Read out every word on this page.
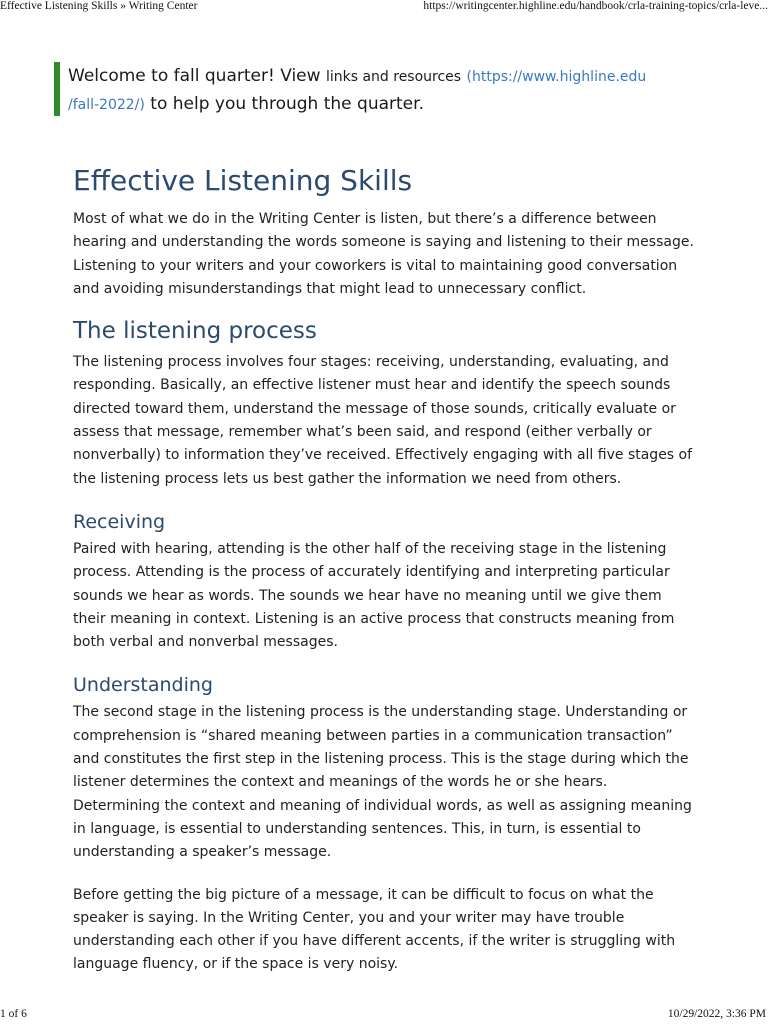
Effective Listening Skills » Writing Center	https://writingcenter.highline.edu/handbook/crla-training-topics/crla-leve...
Welcome to fall quarter! View links and resources (https://www.highline.edu
/fall-2022/) to help you through the quarter.
Effective Listening Skills

Most of what we do in the Writing Center is listen, but there’s a difference between hearing and understanding the words someone is saying and listening to their message. Listening to your writers and your coworkers is vital to maintaining good conversation and avoiding misunderstandings that might lead to unnecessary conflict.

The listening process

The listening process involves four stages: receiving, understanding, evaluating, and responding. Basically, an effective listener must hear and identify the speech sounds directed toward them, understand the message of those sounds, critically evaluate or assess that message, remember what’s been said, and respond (either verbally or nonverbally) to information they’ve received. Effectively engaging with all five stages of the listening process lets us best gather the information we need from others.

Receiving

Paired with hearing, attending is the other half of the receiving stage in the listening process. Attending is the process of accurately identifying and interpreting particular sounds we hear as words. The sounds we hear have no meaning until we give them their meaning in context. Listening is an active process that constructs meaning from both verbal and nonverbal messages.

Understanding

The second stage in the listening process is the understanding stage. Understanding or comprehension is “shared meaning between parties in a communication transaction” and constitutes the first step in the listening process. This is the stage during which the listener determines the context and meanings of the words he or she hears. Determining the context and meaning of individual words, as well as assigning meaning in language, is essential to understanding sentences. This, in turn, is essential to understanding a speaker’s message.

Before getting the big picture of a message, it can be difficult to focus on what the speaker is saying. In the Writing Center, you and your writer may have trouble understanding each other if you have different accents, if the writer is struggling with language fluency, or if the space is very noisy.

1 of 6	10/29/2022, 3:36 PM
